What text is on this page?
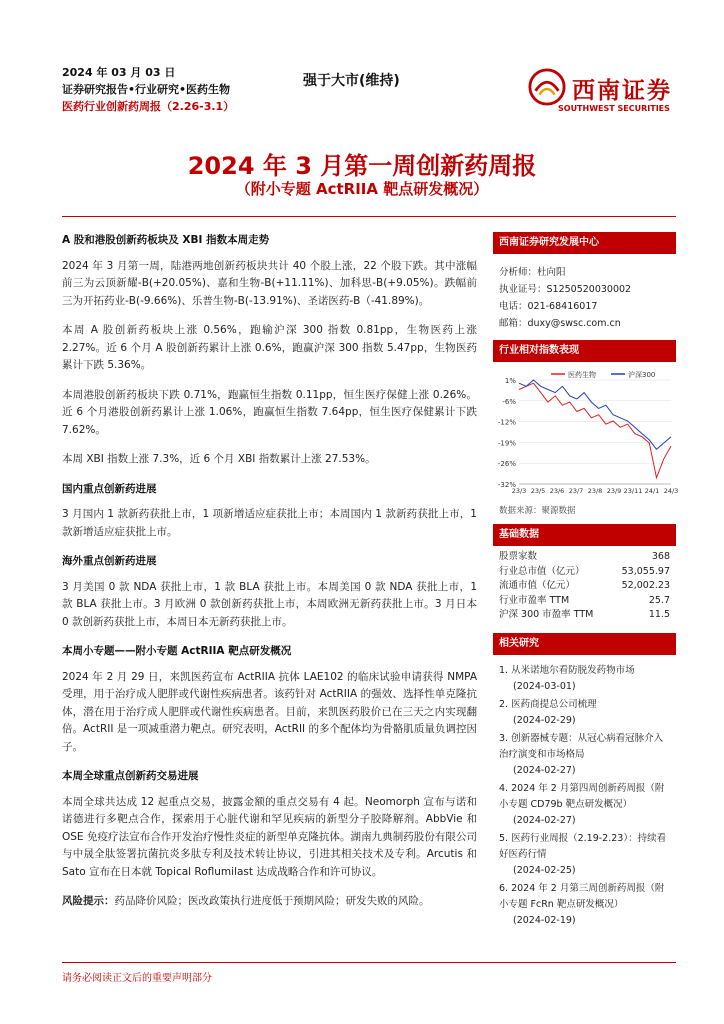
2024 年 03 月 03 日
证券研究报告•行业研究•医药生物
医药行业创新药周报（2.26-3.1）
强于大市(维持)	西南证券
SOUTHWEST SECURITIES
2024 年 3 月第一周创新药周报
（附小专题 ActRIIA 靶点研发概况）
A 股和港股创新药板块及 XBI 指数本周走势

2024 年 3 月第一周，陆港两地创新药板块共计 40 个股上涨，22 个股下跌。其中涨幅前三为云顶新耀-B(+20.05%)、嘉和生物-B(+11.11%)、加科思-B(+9.05%)。跌幅前三为开拓药业-B(-9.66%)、乐普生物-B(-13.91%)、圣诺医药-B（-41.89%)。

本周 A 股创新药板块上涨 0.56%，跑输沪深 300 指数 0.81pp，生物医药上涨 2.27%。近 6 个月 A 股创新药累计上涨 0.6%，跑赢沪深 300 指数 5.47pp，生物医药累计下跌 5.36%。

本周港股创新药板块下跌 0.71%，跑赢恒生指数 0.11pp，恒生医疗保健上涨 0.26%。近 6 个月港股创新药累计上涨 1.06%，跑赢恒生指数 7.64pp，恒生医疗保健累计下跌 7.62%。

本周 XBI 指数上涨 7.3%，近 6 个月 XBI 指数累计上涨 27.53%。

国内重点创新药进展

3 月国内 1 款新药获批上市，1 项新增适应症获批上市；本周国内 1 款新药获批上市，1 款新增适应症获批上市。

海外重点创新药进展

3 月美国 0 款 NDA 获批上市，1 款 BLA 获批上市。本周美国 0 款 NDA 获批上市，1 款 BLA 获批上市。3 月欧洲 0 款创新药获批上市，本周欧洲无新药获批上市。3 月日本 0 款创新药获批上市，本周日本无新药获批上市。

本周小专题——附小专题 ActRIIA 靶点研发概况

2024 年 2 月 29 日，来凯医药宣布 ActRIIA 抗体 LAE102 的临床试验申请获得 NMPA 受理，用于治疗成人肥胖或代谢性疾病患者。该药针对 ActRIIA 的强效、选择性单克隆抗体，潜在用于治疗成人肥胖或代谢性疾病患者。目前，来凯医药股价已在三天之内实现翻倍。ActRII 是一项减重潜力靶点。研究表明，ActRII 的多个配体均为骨骼肌质量负调控因子。

本周全球重点创新药交易进展

本周全球共达成 12 起重点交易，披露金额的重点交易有 4 起。Neomorph 宣布与诺和诺德进行多靶点合作，探索用于心脏代谢和罕见疾病的新型分子胶降解剂。AbbVie 和 OSE 免疫疗法宣布合作开发治疗慢性炎症的新型单克隆抗体。湖南九典制药股份有限公司与中晟全肽签署抗菌抗炎多肽专利及技术转让协议，引进其相关技术及专利。Arcutis 和 Sato 宣布在日本就 Topical Roflumilast 达成战略合作和许可协议。

风险提示：药品降价风险；医改政策执行进度低于预期风险；研发失败的风险。

西南证券研究发展中心
分析师：杜向阳
执业证号：S1250520030002
电话：021-68416017
邮箱：duxy@swsc.com.cn
行业相对指数表现
1%
-6%
-12%
-19%
-26%
-32%
23/3 23/5 23/6 23/7 23/8 23/9 23/11 24/1 24/3
医药生物	沪深300
数据来源：聚源数据
基础数据
股票家数	368
行业总市值（亿元）	53,055.97
流通市值（亿元）	52,002.23
行业市盈率 TTM	25.7
沪深 300 市盈率 TTM	11.5
相关研究
1. 从米诺地尔看防脱发药物市场
(2024-03-01)
2. 医药商提总公司梳理
(2024-02-29)
3. 创新器械专题：从冠心病看冠脉介入治疗演变和市场格局
(2024-02-27)
4. 2024 年 2 月第四周创新药周报（附小专题 CD79b 靶点研发概况）
(2024-02-27)
5. 医药行业周报（2.19-2.23）：持续看好医药行情
(2024-02-25)
6. 2024 年 2 月第三周创新药周报（附小专题 FcRn 靶点研发概况）
(2024-02-19)
请务必阅读正文后的重要声明部分
